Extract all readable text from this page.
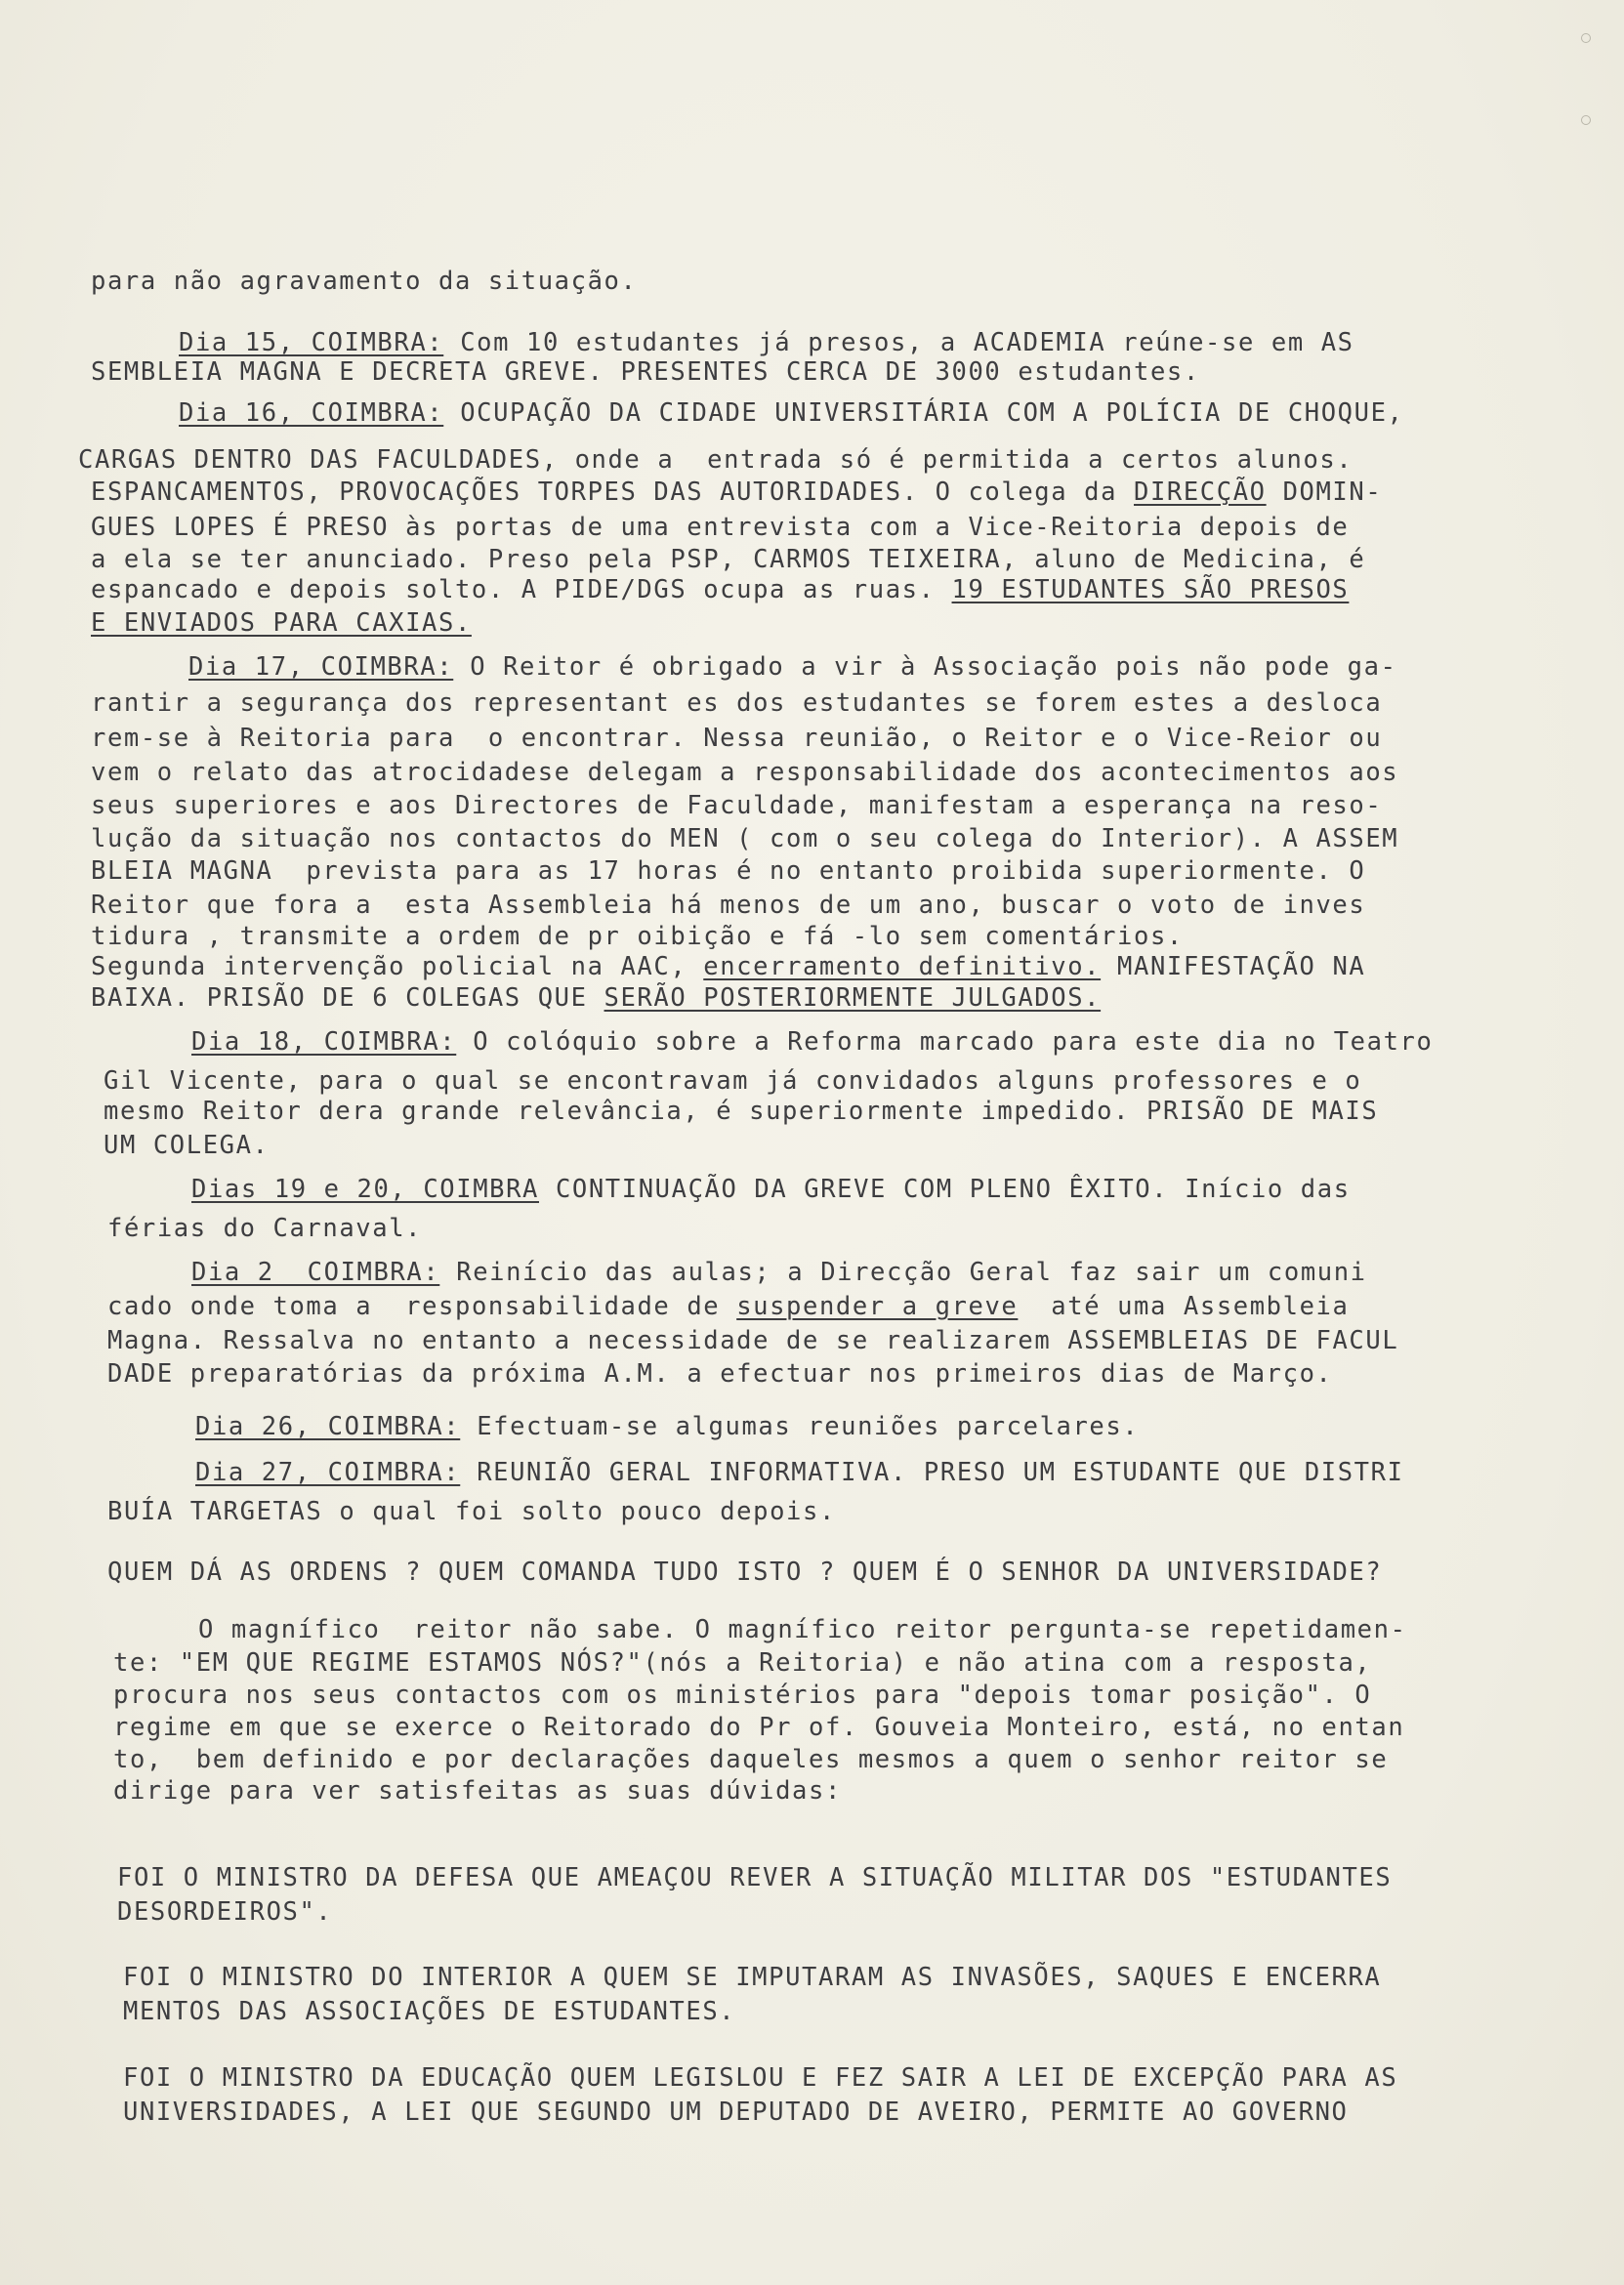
para não agravamento da situação.
Dia 15, COIMBRA: Com 10 estudantes já presos, a ACADEMIA reúne-se em AS
SEMBLEIA MAGNA E DECRETA GREVE. PRESENTES CERCA DE 3000 estudantes.
Dia 16, COIMBRA: OCUPAÇÃO DA CIDADE UNIVERSITÁRIA COM A POLÍCIA DE CHOQUE,
CARGAS DENTRO DAS FACULDADES, onde a  entrada só é permitida a certos alunos.
ESPANCAMENTOS, PROVOCAÇÕES TORPES DAS AUTORIDADES. O colega da DIRECÇÃO DOMIN-
GUES LOPES É PRESO às portas de uma entrevista com a Vice-Reitoria depois de
a ela se ter anunciado. Preso pela PSP, CARMOS TEIXEIRA, aluno de Medicina, é
espancado e depois solto. A PIDE/DGS ocupa as ruas. 19 ESTUDANTES SÃO PRESOS
E ENVIADOS PARA CAXIAS.
Dia 17, COIMBRA: O Reitor é obrigado a vir à Associação pois não pode ga-
rantir a segurança dos representant es dos estudantes se forem estes a desloca
rem-se à Reitoria para  o encontrar. Nessa reunião, o Reitor e o Vice-Reior ou
vem o relato das atrocidadese delegam a responsabilidade dos acontecimentos aos
seus superiores e aos Directores de Faculdade, manifestam a esperança na reso-
lução da situação nos contactos do MEN ( com o seu colega do Interior). A ASSEM
BLEIA MAGNA  prevista para as 17 horas é no entanto proibida superiormente. O
Reitor que fora a  esta Assembleia há menos de um ano, buscar o voto de inves
tidura , transmite a ordem de pr oibição e fá -lo sem comentários.
Segunda intervenção policial na AAC, encerramento definitivo. MANIFESTAÇÃO NA
BAIXA. PRISÃO DE 6 COLEGAS QUE SERÃO POSTERIORMENTE JULGADOS.
Dia 18, COIMBRA: O colóquio sobre a Reforma marcado para este dia no Teatro
Gil Vicente, para o qual se encontravam já convidados alguns professores e o
mesmo Reitor dera grande relevância, é superiormente impedido. PRISÃO DE MAIS
UM COLEGA.
Dias 19 e 20, COIMBRA CONTINUAÇÃO DA GREVE COM PLENO ÊXITO. Início das
férias do Carnaval.
Dia 2_ COIMBRA: Reinício das aulas; a Direcção Geral faz sair um comuni
cado onde toma a  responsabilidade de suspender a greve  até uma Assembleia
Magna. Ressalva no entanto a necessidade de se realizarem ASSEMBLEIAS DE FACUL
DADE preparatórias da próxima A.M. a efectuar nos primeiros dias de Março.
Dia 26, COIMBRA: Efectuam-se algumas reuniões parcelares.
Dia 27, COIMBRA: REUNIÃO GERAL INFORMATIVA. PRESO UM ESTUDANTE QUE DISTRI
BUÍA TARGETAS o qual foi solto pouco depois.
QUEM DÁ AS ORDENS ? QUEM COMANDA TUDO ISTO ? QUEM É O SENHOR DA UNIVERSIDADE?
O magnífico  reitor não sabe. O magnífico reitor pergunta-se repetidamen-
te: "EM QUE REGIME ESTAMOS NÓS?"(nós a Reitoria) e não atina com a resposta,
procura nos seus contactos com os ministérios para "depois tomar posição". O
regime em que se exerce o Reitorado do Pr of. Gouveia Monteiro, está, no entan
to,  bem definido e por declarações daqueles mesmos a quem o senhor reitor se
dirige para ver satisfeitas as suas dúvidas:
FOI O MINISTRO DA DEFESA QUE AMEAÇOU REVER A SITUAÇÃO MILITAR DOS "ESTUDANTES
DESORDEIROS".
FOI O MINISTRO DO INTERIOR A QUEM SE IMPUTARAM AS INVASÕES, SAQUES E ENCERRA
MENTOS DAS ASSOCIAÇÕES DE ESTUDANTES.
FOI O MINISTRO DA EDUCAÇÃO QUEM LEGISLOU E FEZ SAIR A LEI DE EXCEPÇÃO PARA AS
UNIVERSIDADES, A LEI QUE SEGUNDO UM DEPUTADO DE AVEIRO, PERMITE AO GOVERNO
